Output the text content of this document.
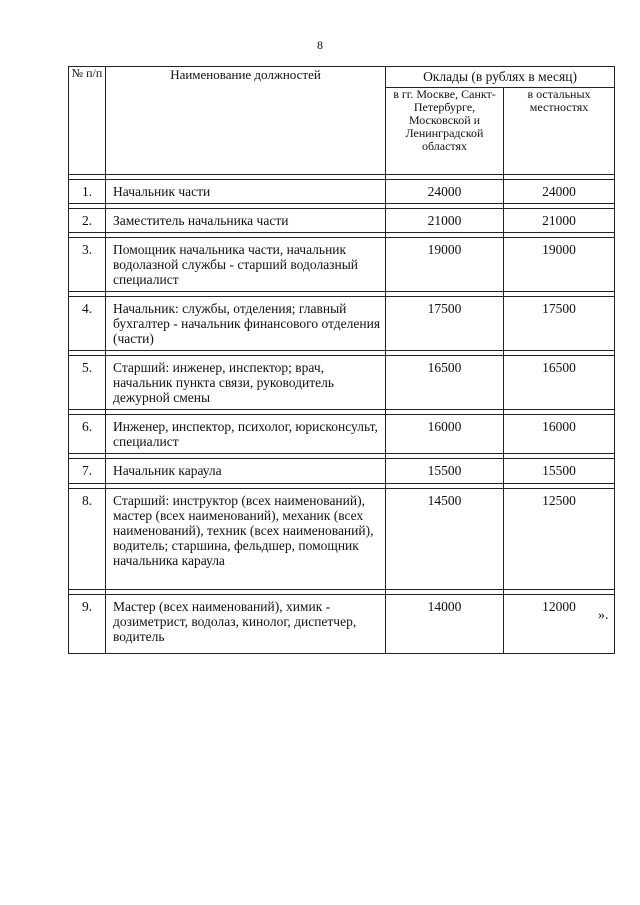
8
№ п/п	Наименование должностей	Оклады (в рублях в месяц)	
		в гг. Москве, Санкт-Петербурге, Московской и Ленинградской областях	в остальных местностях

1.	Начальник части	24000	24000

2.	Заместитель начальника части	21000	21000

3.	Помощник начальника части, начальник водолазной службы - старший водолазный специалист	19000	19000

4.	Начальник: службы, отделения; главный бухгалтер - начальник финансового отделения (части)	17500	17500

5.	Старший: инженер, инспектор; врач, начальник пункта связи, руководитель дежурной смены	16500	16500

6.	Инженер, инспектор, психолог, юрисконсульт, специалист	16000	16000

7.	Начальник караула	15500	15500

8.	Старший: инструктор (всех наименований), мастер (всех наименований), механик (всех наименований), техник (всех наименований), водитель; старшина, фельдшер, помощник начальника караула	14500	12500

9.	Мастер (всех наименований), химик - дозиметрист, водолаз, кинолог, диспетчер, водитель	14000	12000
».
